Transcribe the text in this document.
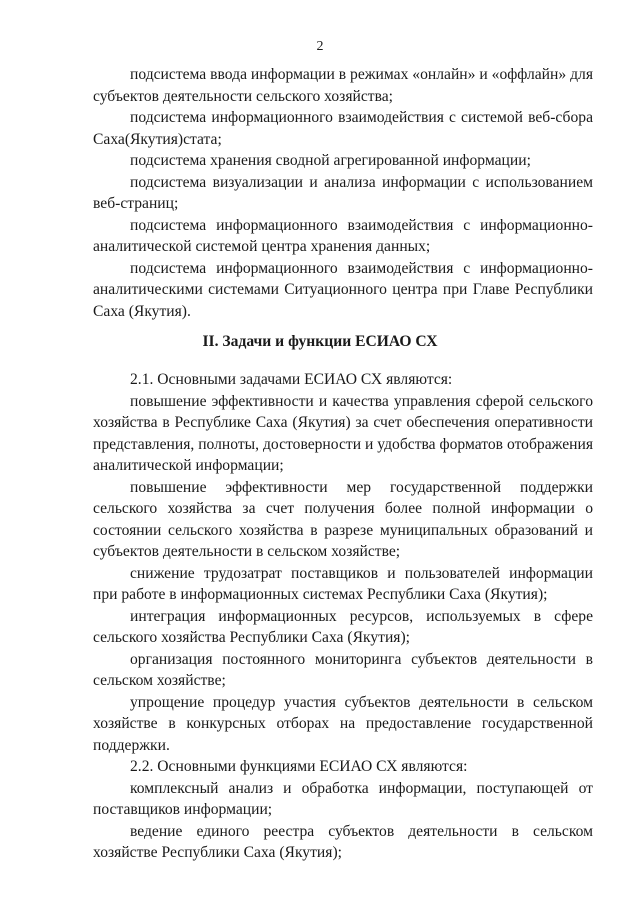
2

подсистема ввода информации в режимах «онлайн» и «оффлайн» для субъектов деятельности сельского хозяйства;

подсистема информационного взаимодействия с системой веб-сбора Саха(Якутия)стата;

подсистема хранения сводной агрегированной информации;

подсистема визуализации и анализа информации с использованием веб-страниц;

подсистема информационного взаимодействия с информационно-аналитической системой центра хранения данных;

подсистема информационного взаимодействия с информационно-аналитическими системами Ситуационного центра при Главе Республики Саха (Якутия).

II. Задачи и функции ЕСИАО СХ

2.1. Основными задачами ЕСИАО СХ являются:

повышение эффективности и качества управления сферой сельского хозяйства в Республике Саха (Якутия) за счет обеспечения оперативности представления, полноты, достоверности и удобства форматов отображения аналитической информации;

повышение эффективности мер государственной поддержки сельского хозяйства за счет получения более полной информации о состоянии сельского хозяйства в разрезе муниципальных образований и субъектов деятельности в сельском хозяйстве;

снижение трудозатрат поставщиков и пользователей информации при работе в информационных системах Республики Саха (Якутия);

интеграция информационных ресурсов, используемых в сфере сельского хозяйства Республики Саха (Якутия);

организация постоянного мониторинга субъектов деятельности в сельском хозяйстве;

упрощение процедур участия субъектов деятельности в сельском хозяйстве в конкурсных отборах на предоставление государственной поддержки.

2.2. Основными функциями ЕСИАО СХ являются:

комплексный анализ и обработка информации, поступающей от поставщиков информации;

ведение единого реестра субъектов деятельности в сельском хозяйстве Республики Саха (Якутия);
